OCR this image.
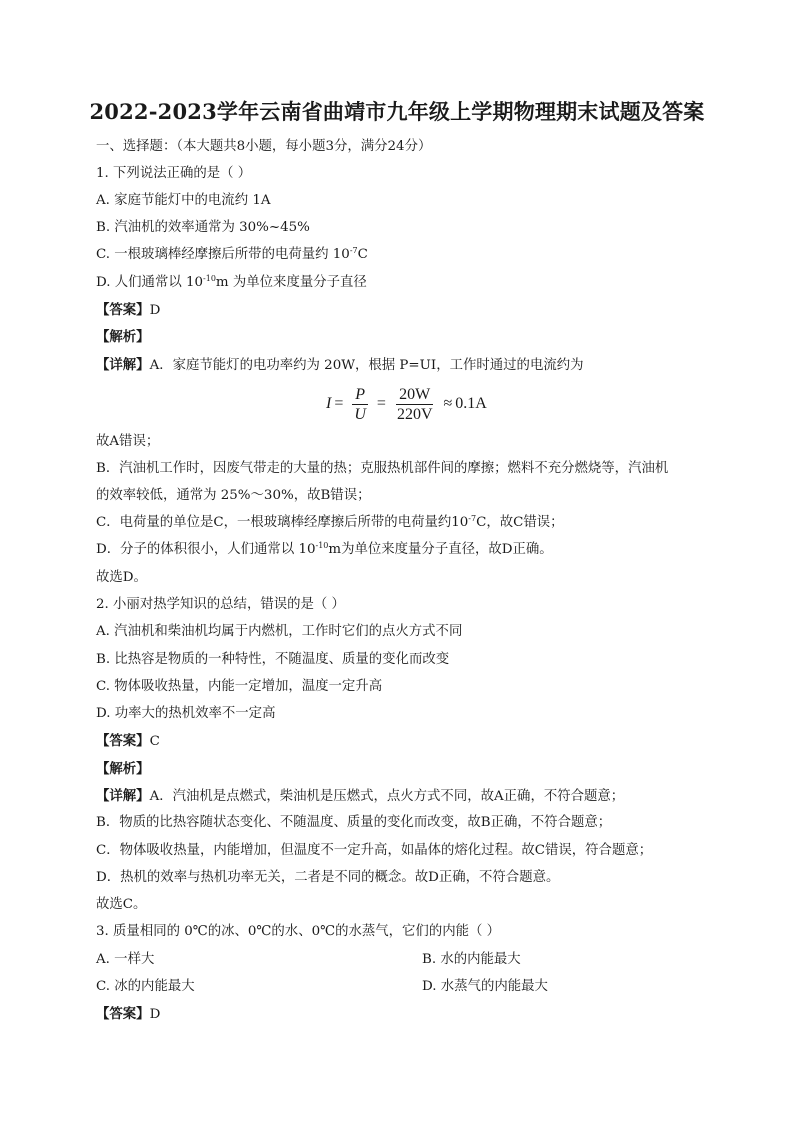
2022-2023学年云南省曲靖市九年级上学期物理期末试题及答案
一、选择题：（本大题共8小题，每小题3分，满分24分）
1. 下列说法正确的是（ ）
A. 家庭节能灯中的电流约 1A
B. 汽油机的效率通常为 30%~45%
C. 一根玻璃棒经摩擦后所带的电荷量约 $10^{-7}C$
D. 人们通常以 $10^{-10}m$ 为单位来度量分子直径
【答案】D
【解析】
【详解】A．家庭节能灯的电功率约为 20W，根据 P=UI，工作时通过的电流约为
$I = \frac{P}{U} = \frac{20W}{220V} \approx 0.1A$
故A错误；
B．汽油机工作时，因废气带走的大量的热；克服热机部件间的摩擦；燃料不充分燃烧等，汽油机
的效率较低，通常为 25%～30%，故B错误；
C．电荷量的单位是C，一根玻璃棒经摩擦后所带的电荷量约$10^{-7}C$，故C错误；
D．分子的体积很小，人们通常以 $10^{-10}m$为单位来度量分子直径，故D正确。
故选D。
2. 小丽对热学知识的总结，错误的是（ ）
A. 汽油机和柴油机均属于内燃机，工作时它们的点火方式不同
B. 比热容是物质的一种特性，不随温度、质量的变化而改变
C. 物体吸收热量，内能一定增加，温度一定升高
D. 功率大的热机效率不一定高
【答案】C
【解析】
【详解】A．汽油机是点燃式，柴油机是压燃式，点火方式不同，故A正确，不符合题意；
B．物质的比热容随状态变化、不随温度、质量的变化而改变，故B正确，不符合题意；
C．物体吸收热量，内能增加，但温度不一定升高，如晶体的熔化过程。故C错误，符合题意；
D．热机的效率与热机功率无关，二者是不同的概念。故D正确，不符合题意。
故选C。
3. 质量相同的 0℃的冰、0℃的水、0℃的水蒸气，它们的内能（ ）
A. 一样大	B. 水的内能最大
C. 冰的内能最大	D. 水蒸气的内能最大
【答案】D
